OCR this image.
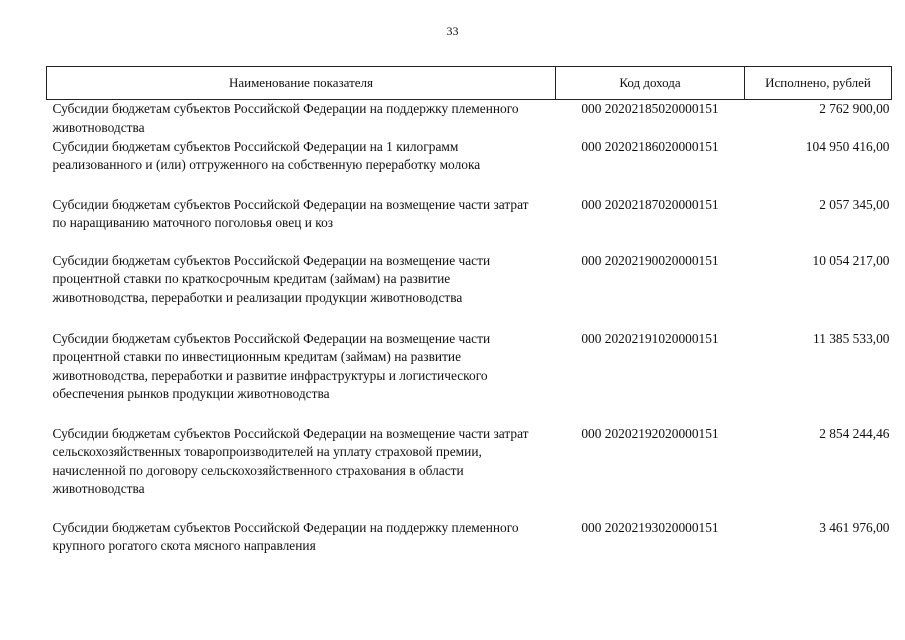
33
Наименование показателя	Код дохода	Исполнено, рублей
Субсидии бюджетам субъектов Российской Федерации на поддержку племенного животноводства	000 20202185020000151	2 762 900,00
Субсидии бюджетам субъектов Российской Федерации на 1 килограмм реализованного и (или) отгруженного на собственную переработку молока	000 20202186020000151	104 950 416,00
Субсидии бюджетам субъектов Российской Федерации на возмещение части затрат по наращиванию маточного поголовья овец и коз	000 20202187020000151	2 057 345,00
Субсидии бюджетам субъектов Российской Федерации на возмещение части процентной ставки по краткосрочным кредитам (займам) на развитие животноводства, переработки и реализации продукции животноводства	000 20202190020000151	10 054 217,00
Субсидии бюджетам субъектов Российской Федерации на возмещение части процентной ставки по инвестиционным кредитам (займам) на развитие животноводства, переработки и развитие инфраструктуры и логистического обеспечения рынков продукции животноводства	000 20202191020000151	11 385 533,00
Субсидии бюджетам субъектов Российской Федерации на возмещение части затрат сельскохозяйственных товаропроизводителей на уплату страховой премии, начисленной по договору сельскохозяйственного страхования в области животноводства	000 20202192020000151	2 854 244,46
Субсидии бюджетам субъектов Российской Федерации на поддержку племенного крупного рогатого скота мясного направления	000 20202193020000151	3 461 976,00
